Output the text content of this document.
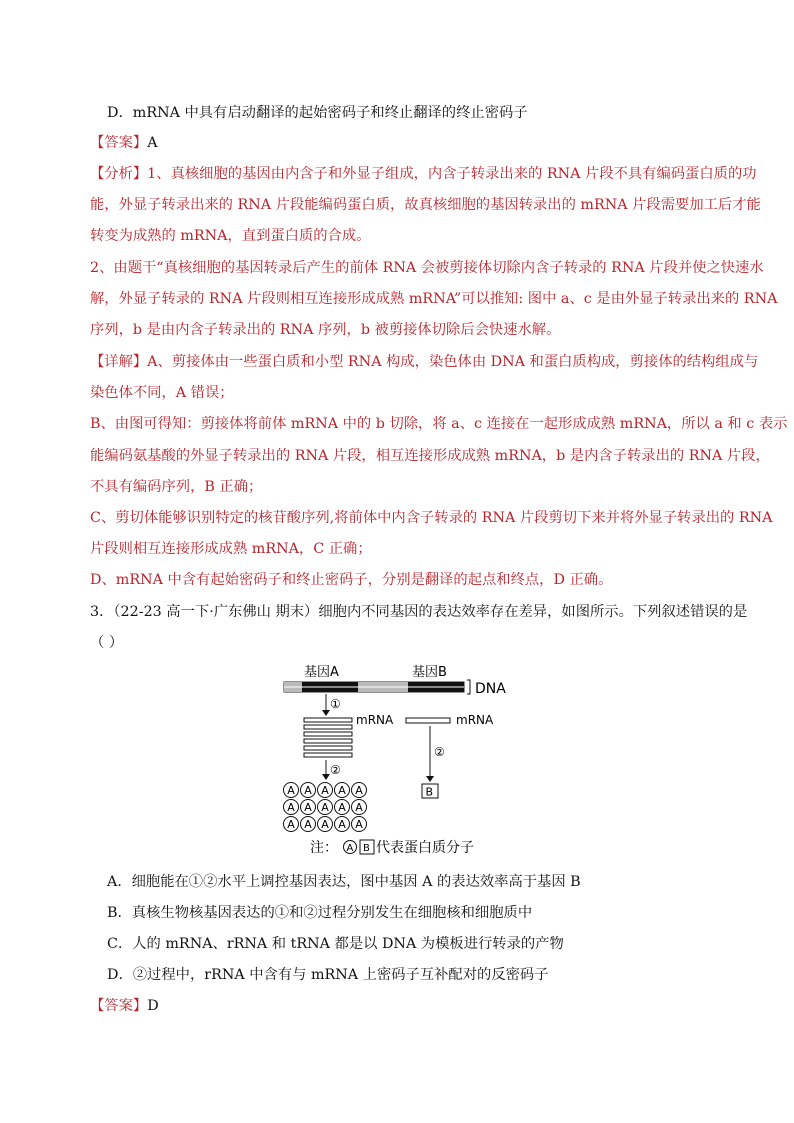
D．mRNA 中具有启动翻译的起始密码子和终止翻译的终止密码子
【答案】A
【分析】1、真核细胞的基因由内含子和外显子组成，内含子转录出来的 RNA 片段不具有编码蛋白质的功
能，外显子转录出来的 RNA 片段能编码蛋白质，故真核细胞的基因转录出的 mRNA 片段需要加工后才能
转变为成熟的 mRNA，直到蛋白质的合成。
2、由题干“真核细胞的基因转录后产生的前体 RNA 会被剪接体切除内含子转录的 RNA 片段并使之快速水
解，外显子转录的 RNA 片段则相互连接形成成熟 mRNA”可以推知: 图中 a、c 是由外显子转录出来的 RNA
序列，b 是由内含子转录出的 RNA 序列，b 被剪接体切除后会快速水解。
【详解】A、剪接体由一些蛋白质和小型 RNA 构成，染色体由 DNA 和蛋白质构成，剪接体的结构组成与
染色体不同，A 错误；
B、由图可得知：剪接体将前体 mRNA 中的 b 切除，将 a、c 连接在一起形成成熟 mRNA，所以 a 和 c 表示
能编码氨基酸的外显子转录出的 RNA 片段，相互连接形成成熟 mRNA，b 是内含子转录出的 RNA 片段，
不具有编码序列，B 正确；
C、剪切体能够识别特定的核苷酸序列,将前体中内含子转录的 RNA 片段剪切下来并将外显子转录出的 RNA
片段则相互连接形成成熟 mRNA，C 正确；
D、mRNA 中含有起始密码子和终止密码子，分别是翻译的起点和终点，D 正确。
3．（22-23 高一下·广东佛山 期末）细胞内不同基因的表达效率存在差异，如图所示。下列叙述错误的是
（ ）
基因A	基因B
DNA
①
mRNA	mRNA
②
②
A A A A A
A A A A A
A A A A A
B
注： A B 代表蛋白质分子
A．细胞能在①②水平上调控基因表达，图中基因 A 的表达效率高于基因 B
B．真核生物核基因表达的①和②过程分别发生在细胞核和细胞质中
C．人的 mRNA、rRNA 和 tRNA 都是以 DNA 为模板进行转录的产物
D．②过程中，rRNA 中含有与 mRNA 上密码子互补配对的反密码子
【答案】D
